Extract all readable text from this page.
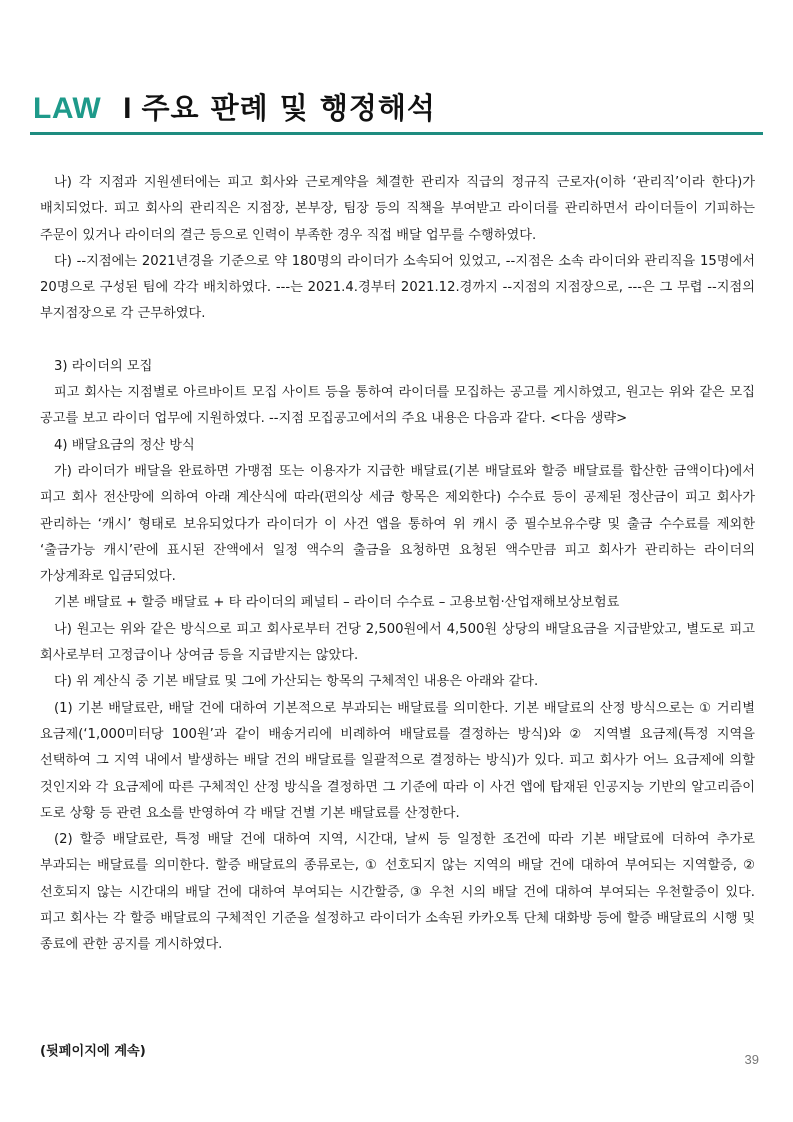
LAW I 주요 판례 및 행정해석

나) 각 지점과 지원센터에는 피고 회사와 근로계약을 체결한 관리자 직급의 정규직 근로자(이하 ‘관리직’이라 한다)가 배치되었다. 피고 회사의 관리직은 지점장, 본부장, 팀장 등의 직책을 부여받고 라이더를 관리하면서 라이더들이 기피하는 주문이 있거나 라이더의 결근 등으로 인력이 부족한 경우 직접 배달 업무를 수행하였다.

다) --지점에는 2021년경을 기준으로 약 180명의 라이더가 소속되어 있었고, --지점은 소속 라이더와 관리직을 15명에서 20명으로 구성된 팀에 각각 배치하였다. ---는 2021.4.경부터 2021.12.경까지 --지점의 지점장으로, ---은 그 무렵 --지점의 부지점장으로 각 근무하였다.

3) 라이더의 모집

피고 회사는 지점별로 아르바이트 모집 사이트 등을 통하여 라이더를 모집하는 공고를 게시하였고, 원고는 위와 같은 모집 공고를 보고 라이더 업무에 지원하였다. --지점 모집공고에서의 주요 내용은 다음과 같다. <다음 생략>

4) 배달요금의 정산 방식

가) 라이더가 배달을 완료하면 가맹점 또는 이용자가 지급한 배달료(기본 배달료와 할증 배달료를 합산한 금액이다)에서 피고 회사 전산망에 의하여 아래 계산식에 따라(편의상 세금 항목은 제외한다) 수수료 등이 공제된 정산금이 피고 회사가 관리하는 ‘캐시’ 형태로 보유되었다가 라이더가 이 사건 앱을 통하여 위 캐시 중 필수보유수량 및 출금 수수료를 제외한 ‘출금가능 캐시’란에 표시된 잔액에서 일정 액수의 출금을 요청하면 요청된 액수만큼 피고 회사가 관리하는 라이더의 가상계좌로 입금되었다.

기본 배달료 + 할증 배달료 + 타 라이더의 페널티 – 라이더 수수료 – 고용보험·산업재해보상보험료

나) 원고는 위와 같은 방식으로 피고 회사로부터 건당 2,500원에서 4,500원 상당의 배달요금을 지급받았고, 별도로 피고 회사로부터 고정급이나 상여금 등을 지급받지는 않았다.

다) 위 계산식 중 기본 배달료 및 그에 가산되는 항목의 구체적인 내용은 아래와 같다.

(1) 기본 배달료란, 배달 건에 대하여 기본적으로 부과되는 배달료를 의미한다. 기본 배달료의 산정 방식으로는 ① 거리별 요금제(‘1,000미터당 100원’과 같이 배송거리에 비례하여 배달료를 결정하는 방식)와 ② 지역별 요금제(특정 지역을 선택하여 그 지역 내에서 발생하는 배달 건의 배달료를 일괄적으로 결정하는 방식)가 있다. 피고 회사가 어느 요금제에 의할 것인지와 각 요금제에 따른 구체적인 산정 방식을 결정하면 그 기준에 따라 이 사건 앱에 탑재된 인공지능 기반의 알고리즘이 도로 상황 등 관련 요소를 반영하여 각 배달 건별 기본 배달료를 산정한다.

(2) 할증 배달료란, 특정 배달 건에 대하여 지역, 시간대, 날씨 등 일정한 조건에 따라 기본 배달료에 더하여 추가로 부과되는 배달료를 의미한다. 할증 배달료의 종류로는, ① 선호되지 않는 지역의 배달 건에 대하여 부여되는 지역할증, ② 선호되지 않는 시간대의 배달 건에 대하여 부여되는 시간할증, ③ 우천 시의 배달 건에 대하여 부여되는 우천할증이 있다. 피고 회사는 각 할증 배달료의 구체적인 기준을 설정하고 라이더가 소속된 카카오톡 단체 대화방 등에 할증 배달료의 시행 및 종료에 관한 공지를 게시하였다.

(뒷페이지에 계속)
39
